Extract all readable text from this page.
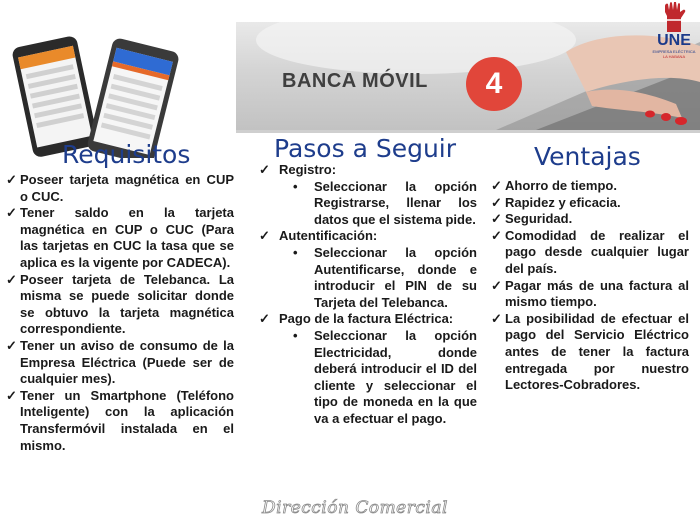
BANCA MÓVIL	4
UNE
EMPRESA ELÉCTRICA
LA HABANA
Requisitos	Pasos a Seguir	Ventajas
✓ Poseer tarjeta magnética en CUP o CUC.
✓ Tener saldo en la tarjeta magnética en CUP o CUC (Para las tarjetas en CUC la tasa que se aplica es la vigente por CADECA).
✓ Poseer tarjeta de Telebanca. La misma se puede solicitar donde se obtuvo la tarjeta magnética correspondiente.
✓ Tener un aviso de consumo de la Empresa Eléctrica (Puede ser de cualquier mes).
✓ Tener un Smartphone (Teléfono Inteligente) con la aplicación Transfermóvil instalada en el mismo.
✓ Registro:
• Seleccionar la opción Registrarse, llenar los datos que el sistema pide.
✓ Autentificación:
• Seleccionar la opción Autentificarse, donde e introducir el PIN de su Tarjeta del Telebanca.
✓ Pago de la factura Eléctrica:
• Seleccionar la opción Electricidad, donde deberá introducir el ID del cliente y seleccionar el tipo de moneda en la que va a efectuar el pago.
✓ Ahorro de tiempo.
✓ Rapidez y eficacia.
✓ Seguridad.
✓ Comodidad de realizar el pago desde cualquier lugar del país.
✓ Pagar más de una factura al mismo tiempo.
✓ La posibilidad de efectuar el pago del Servicio Eléctrico antes de tener la factura entregada por nuestro Lectores-Cobradores.
Dirección Comercial
